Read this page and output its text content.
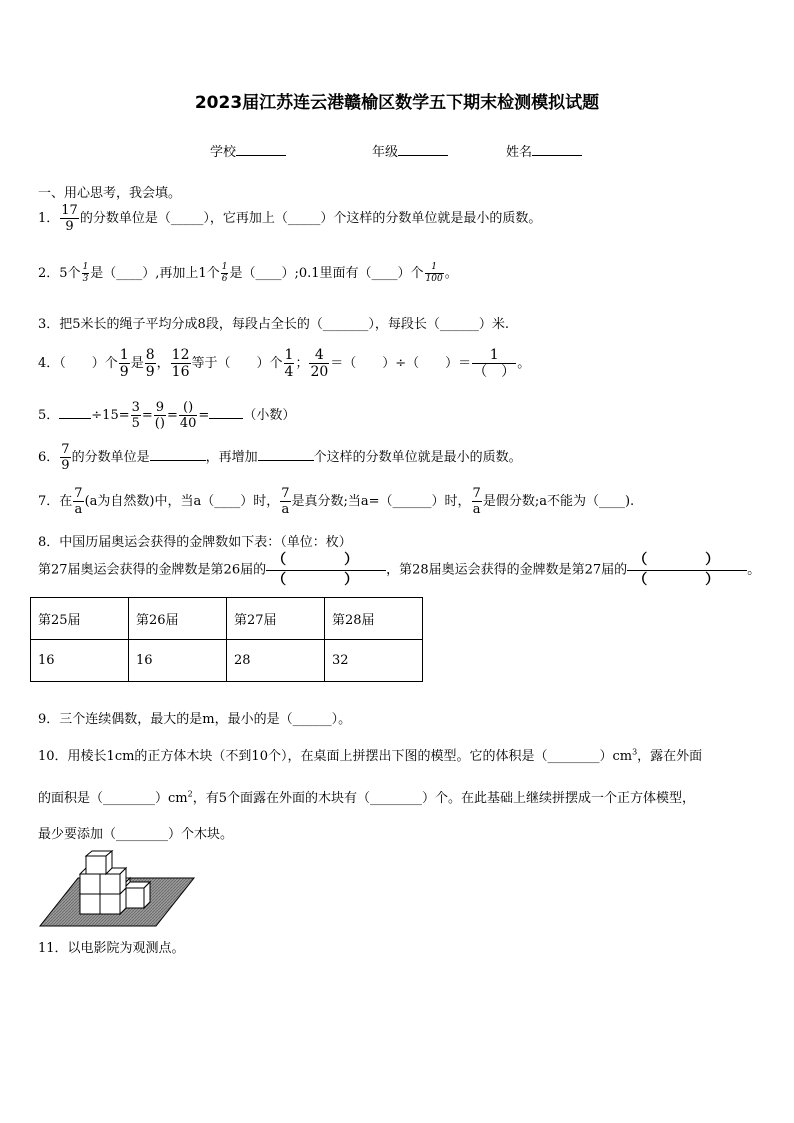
2023届江苏连云港赣榆区数学五下期末检测模拟试题
学校	年级	姓名
一、用心思考，我会填。
1． $\frac{17}{9}$ 的分数单位是（_____），它再加上（_____）个这样的分数单位就是最小的质数。
2．5个 $\frac{1}{3}$ 是（____）,再加上1个 $\frac{1}{6}$ 是（____）;0.1里面有（____）个 $\frac{1}{100}$ 。
3．把5米长的绳子平均分成8段，每段占全长的（_______），每段长（______）米.
4．（　　）个 $\frac{1}{9}$ 是 $\frac{8}{9}$ ， $\frac{12}{16}$ 等于（　　）个 $\frac{1}{4}$ ； $\frac{4}{20}$ ＝（　　）÷（　　）＝ $\frac{1}{( )}$ 。
5． $\div 15= \frac{3}{5} = \frac{9}{()} = \frac{()}{40}$ =	（小数）
6． $\frac{7}{9}$ 的分数单位是	，再增加	个这样的分数单位就是最小的质数。
7．在 $\frac{7}{a} (a$为自然数)中，当a（____）时， $\frac{7}{a}$ 是真分数;当a=（______）时， $\frac{7}{a}$ 是假分数;a不能为（____).
8．中国历届奥运会获得的金牌数如下表：（单位：枚）
第27届奥运会获得的金牌数是第26届的
（　）
（　）
，第28届奥运会获得的金牌数是第27届的
（　）
（　）
。
第25届	第26届	第27届	第28届
16	16	28	32
9．三个连续偶数，最大的是m，最小的是（______）。
10．用棱长1cm的正方体木块（不到10个），在桌面上拼摆出下图的模型。它的体积是$(\_\_\_\_\_\_\_\_)cm^3$，露在外面
的面积是$(\_\_\_\_\_\_\_\_)cm^2$，有5个面露在外面的木块有（________）个。在此基础上继续拼摆成一个正方体模型，
最少要添加（________）个木块。
11．以电影院为观测点。
